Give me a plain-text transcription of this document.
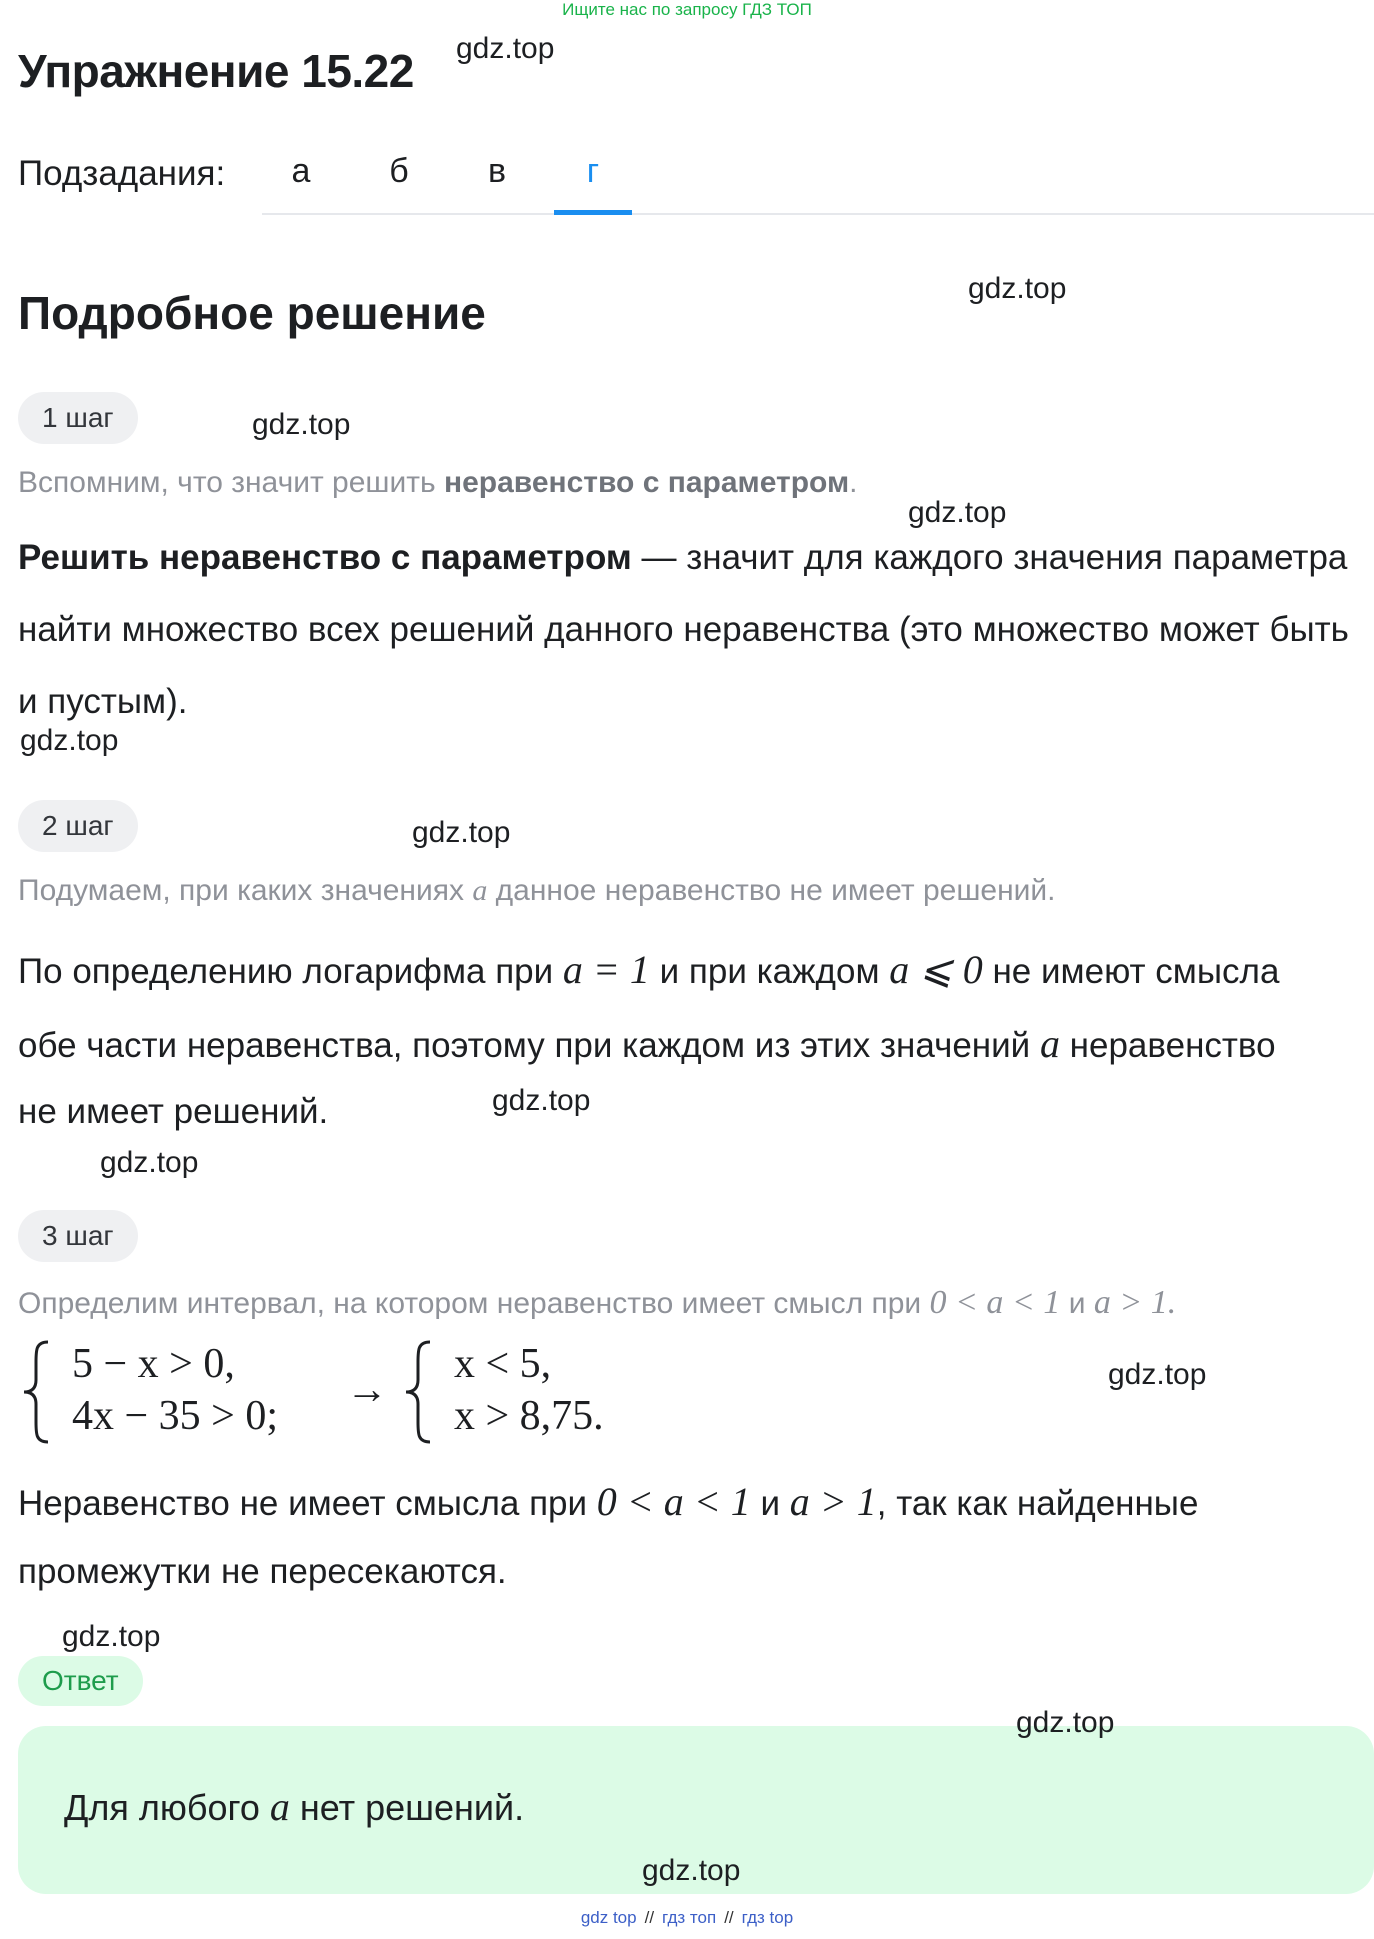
Ищите нас по запросу ГДЗ ТОП
Упражнение 15.22 gdz.top
Подзадания:	а	б	в	г
Подробное решение	gdz.top
1 шаг	gdz.top
Вспомним, что значит решить неравенство с параметром.
gdz.top
Решить неравенство с параметром — значит для каждого значения параметра найти множество всех решений данного неравенства (это множество может быть и пустым).
gdz.top
2 шаг	gdz.top
Подумаем, при каких значениях a данное неравенство не имеет решений.
По определению логарифма при a = 1 и при каждом a ⩽ 0 не имеют смысла
обе части неравенства, поэтому при каждом из этих значений a неравенство
не имеет решений.	gdz.top
gdz.top
3 шаг
Определим интервал, на котором неравенство имеет смысл при 0 < a < 1 и a > 1.
5 − x > 0,
4x − 35 > 0;
→
x < 5,
x > 8,75.
gdz.top
Неравенство не имеет смысла при 0 < a < 1 и a > 1, так как найденные
промежутки не пересекаются.
gdz.top
Ответ
gdz.top
Для любого a нет решений.
gdz.top
gdz top // гдз топ // гдз top
